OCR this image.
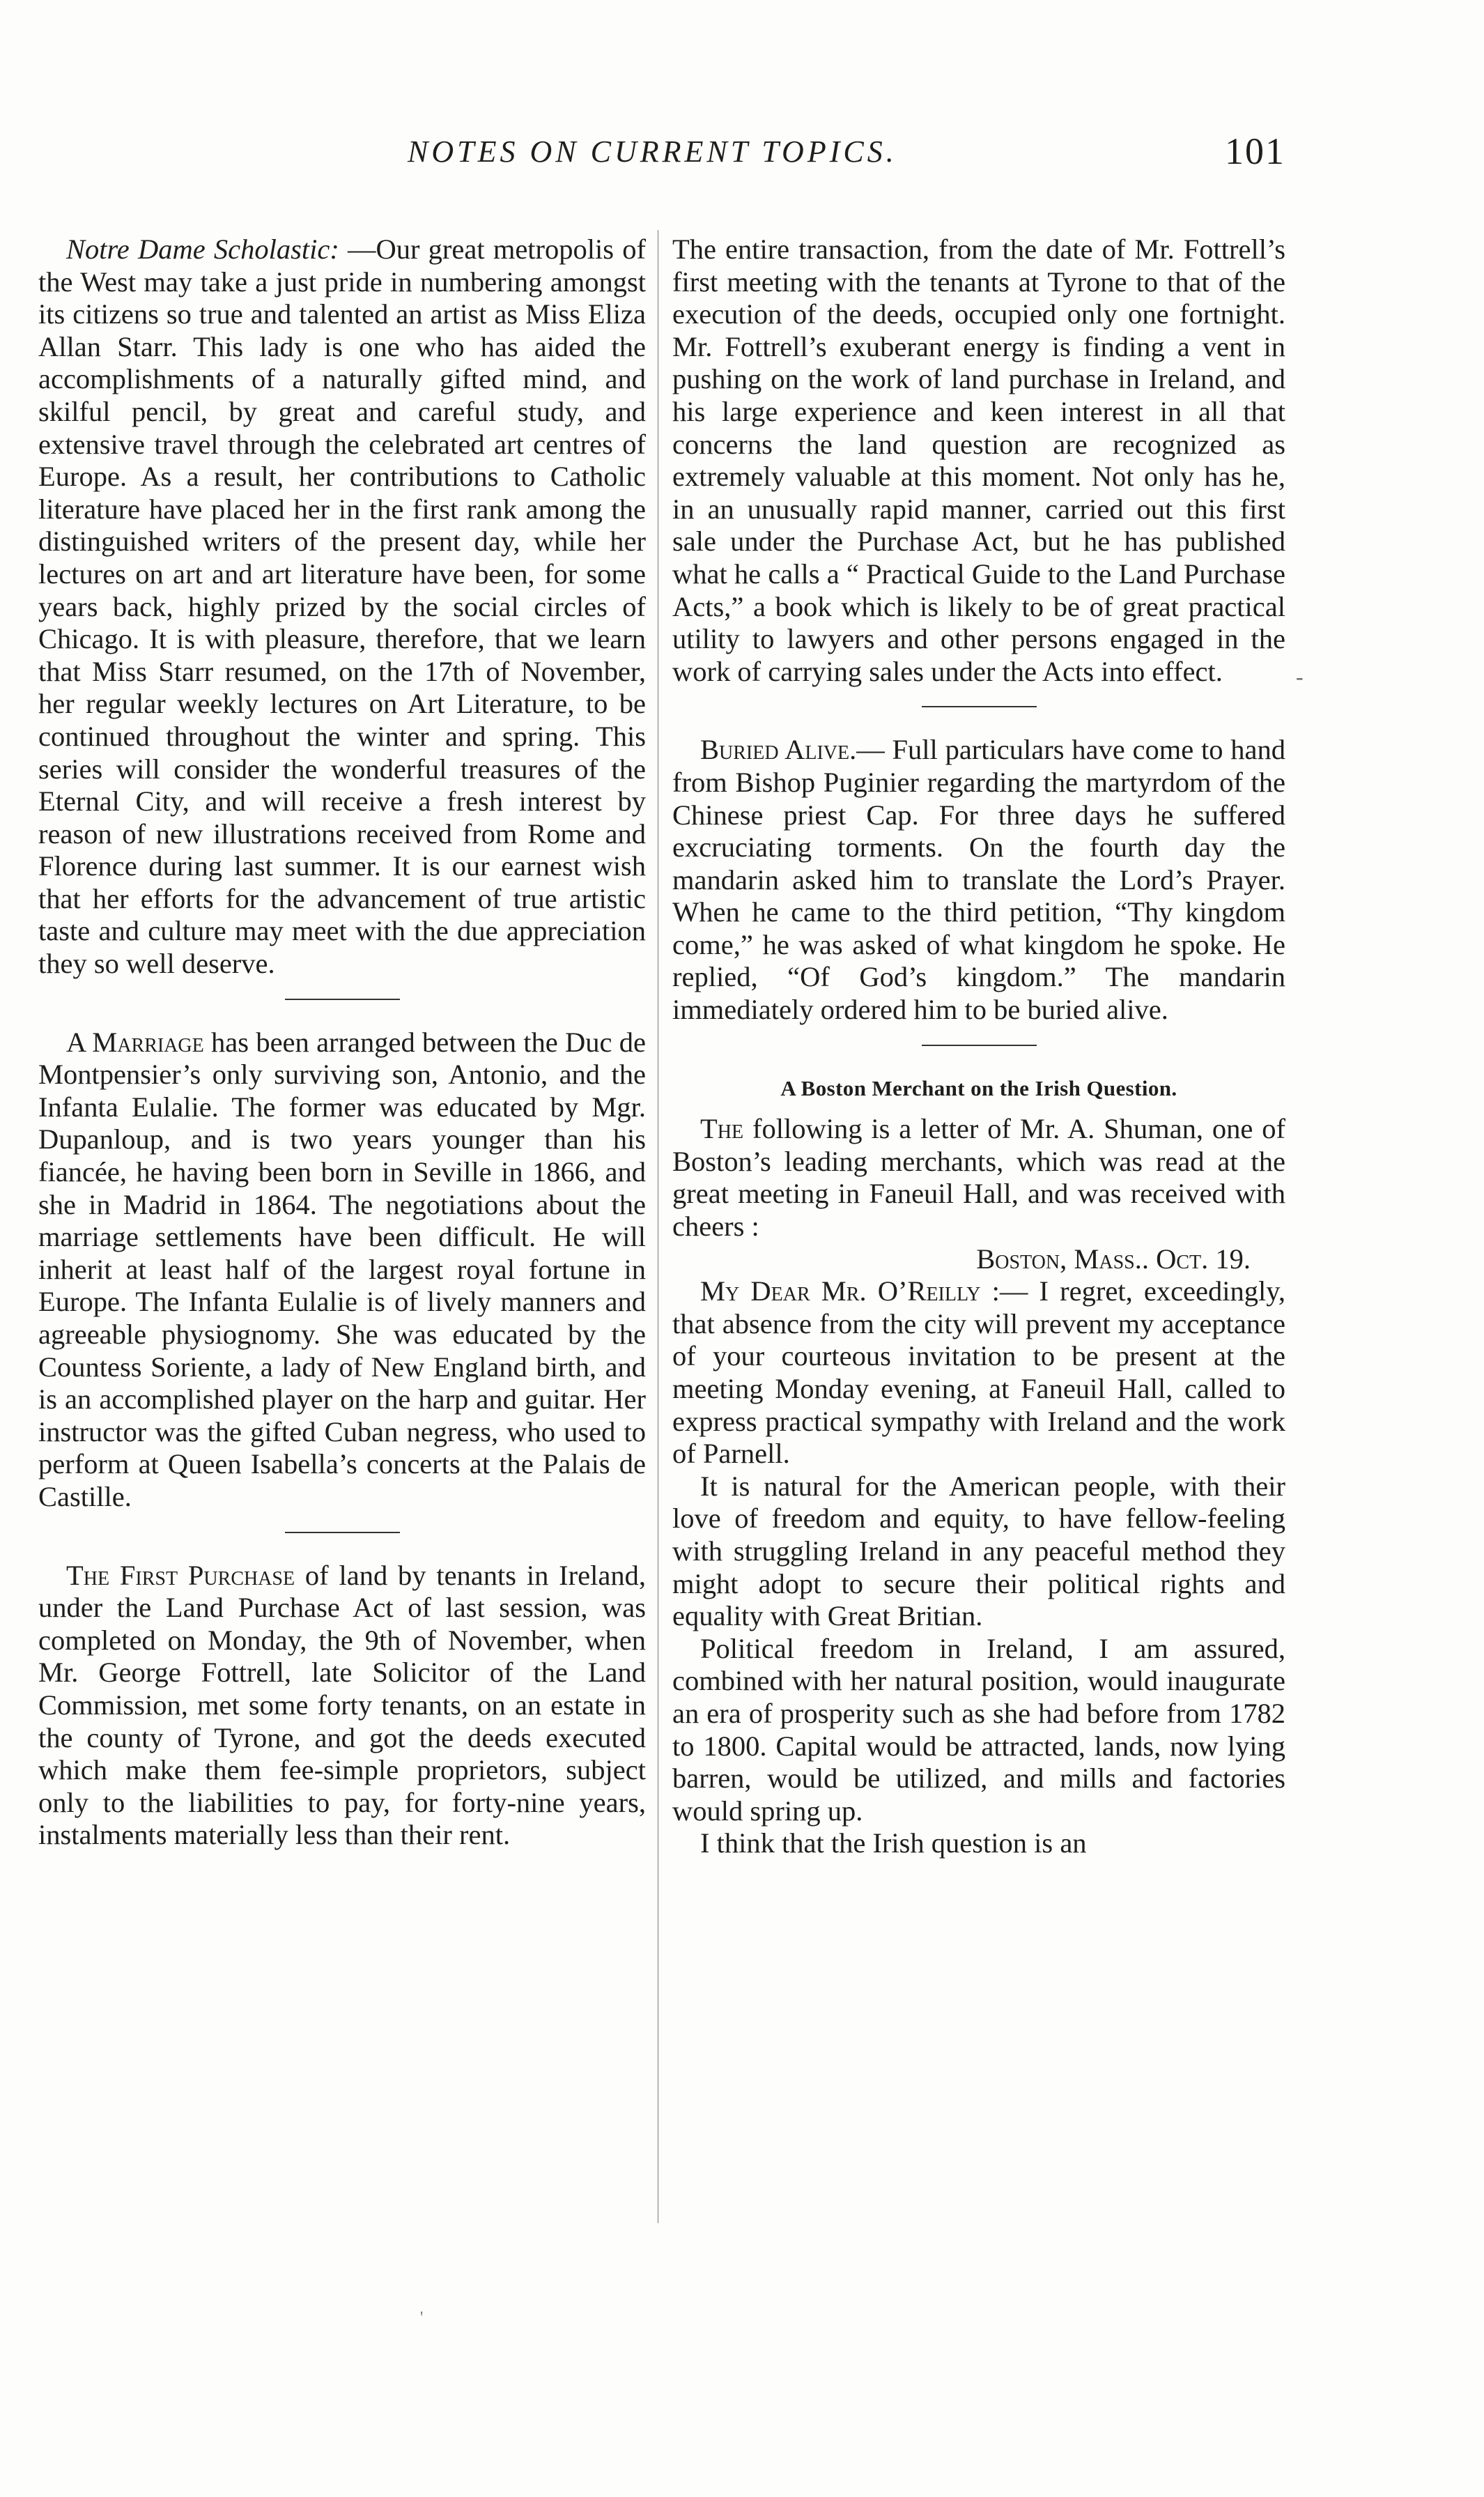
NOTES ON CURRENT TOPICS.	101

Notre Dame Scholastic: —Our great metropolis of the West may take a just pride in numbering amongst its citizens so true and talented an artist as Miss Eliza Allan Starr. This lady is one who has aided the accomplishments of a naturally gifted mind, and skilful pencil, by great and careful study, and extensive travel through the celebrated art centres of Europe. As a result, her contributions to Catholic literature have placed her in the first rank among the distinguished writers of the present day, while her lectures on art and art literature have been, for some years back, highly prized by the social circles of Chicago. It is with pleasure, therefore, that we learn that Miss Starr resumed, on the 17th of November, her regular weekly lectures on Art Literature, to be continued throughout the winter and spring. This series will consider the wonderful treasures of the Eternal City, and will receive a fresh interest by reason of new illustrations received from Rome and Florence during last summer. It is our earnest wish that her efforts for the advancement of true artistic taste and culture may meet with the due appreciation they so well deserve.

A Marriage has been arranged between the Duc de Montpensier’s only surviving son, Antonio, and the Infanta Eulalie. The former was educated by Mgr. Dupanloup, and is two years younger than his fiancée, he having been born in Seville in 1866, and she in Madrid in 1864. The negotiations about the marriage settlements have been difficult. He will inherit at least half of the largest royal fortune in Europe. The Infanta Eulalie is of lively manners and agreeable physiognomy. She was educated by the Countess Soriente, a lady of New England birth, and is an accomplished player on the harp and guitar. Her instructor was the gifted Cuban negress, who used to perform at Queen Isabella’s concerts at the Palais de Castille.

The First Purchase of land by tenants in Ireland, under the Land Purchase Act of last session, was completed on Monday, the 9th of November, when Mr. George Fottrell, late Solicitor of the Land Commission, met some forty tenants, on an estate in the county of Tyrone, and got the deeds executed which make them fee-simple proprietors, subject only to the liabilities to pay, for forty-nine years, instalments materially less than their rent.

The entire transaction, from the date of Mr. Fottrell’s first meeting with the tenants at Tyrone to that of the execution of the deeds, occupied only one fortnight. Mr. Fottrell’s exuberant energy is finding a vent in pushing on the work of land purchase in Ireland, and his large experience and keen interest in all that concerns the land question are recognized as extremely valuable at this moment. Not only has he, in an unusually rapid manner, carried out this first sale under the Purchase Act, but he has published what he calls a “ Practical Guide to the Land Purchase Acts,” a book which is likely to be of great practical utility to lawyers and other persons engaged in the work of carrying sales under the Acts into effect.

Buried Alive.— Full particulars have come to hand from Bishop Puginier regarding the martyrdom of the Chinese priest Cap. For three days he suffered excruciating torments. On the fourth day the mandarin asked him to translate the Lord’s Prayer. When he came to the third petition, “Thy kingdom come,” he was asked of what kingdom he spoke. He replied, “Of God’s kingdom.” The mandarin immediately ordered him to be buried alive.

A Boston Merchant on the Irish Question.

The following is a letter of Mr. A. Shuman, one of Boston’s leading merchants, which was read at the great meeting in Faneuil Hall, and was received with cheers :

Boston, Mass.. Oct. 19.

My Dear Mr. O’Reilly :— I regret, exceedingly, that absence from the city will prevent my acceptance of your courteous invitation to be present at the meeting Monday evening, at Faneuil Hall, called to express practical sympathy with Ireland and the work of Parnell.

It is natural for the American people, with their love of freedom and equity, to have fellow-feeling with struggling Ireland in any peaceful method they might adopt to secure their political rights and equality with Great Britian.

Political freedom in Ireland, I am assured, combined with her natural position, would inaugurate an era of prosperity such as she had before from 1782 to 1800. Capital would be attracted, lands, now lying barren, would be utilized, and mills and factories would spring up.

I think that the Irish question is an

-
'
